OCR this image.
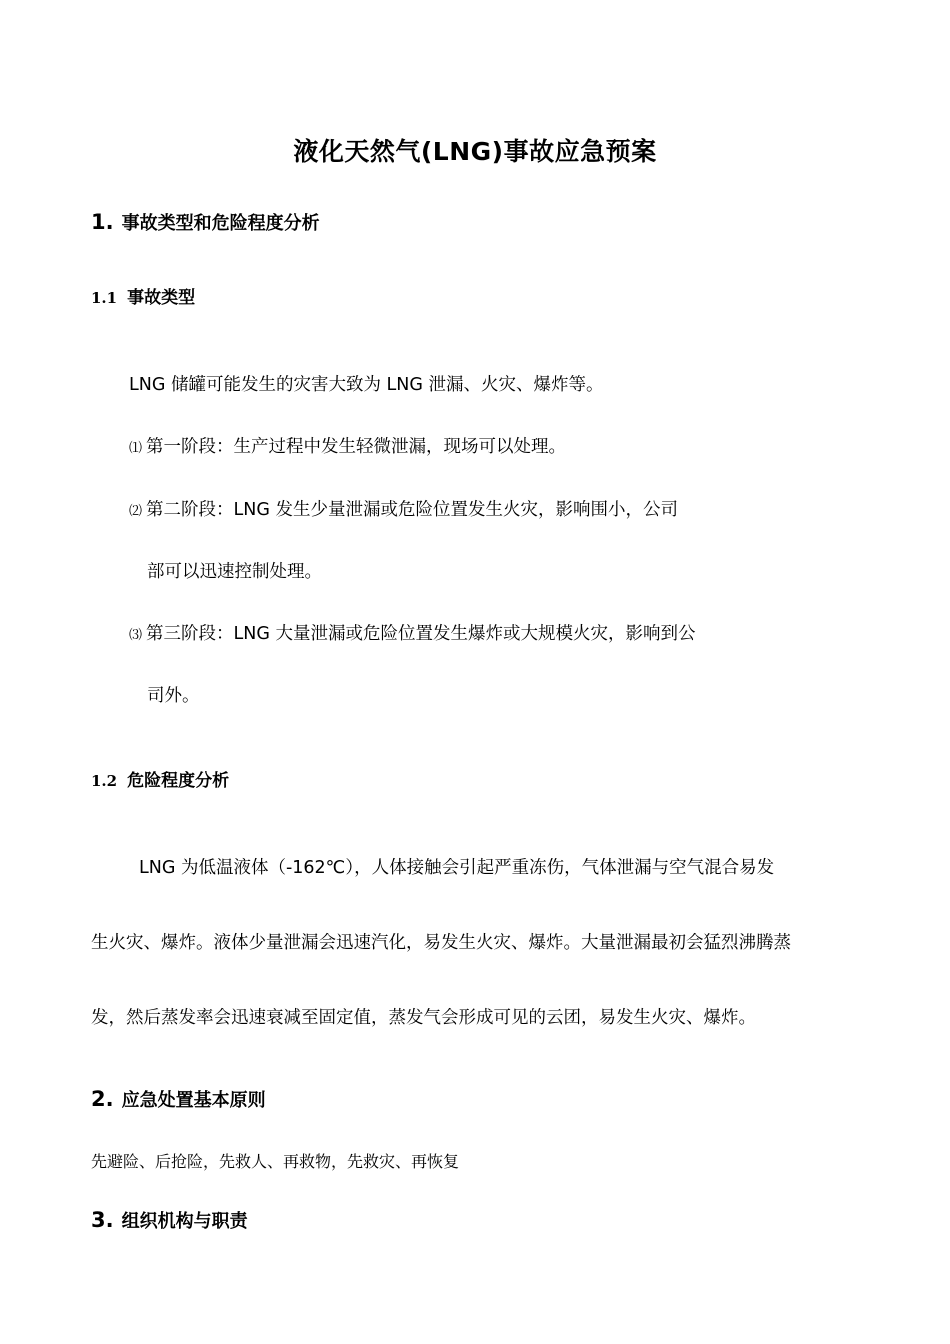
液化天然气(LNG)事故应急预案
1. 事故类型和危险程度分析
1.1 事故类型

LNG 储罐可能发生的灾害大致为 LNG 泄漏、火灾、爆炸等。

⑴ 第一阶段：生产过程中发生轻微泄漏，现场可以处理。

⑵ 第二阶段：LNG 发生少量泄漏或危险位置发生火灾，影响围小，公司

部可以迅速控制处理。

⑶ 第三阶段：LNG 大量泄漏或危险位置发生爆炸或大规模火灾，影响到公

司外。

1.2 危险程度分析

LNG 为低温液体（-162℃），人体接触会引起严重冻伤，气体泄漏与空气混合易发

生火灾、爆炸。液体少量泄漏会迅速汽化，易发生火灾、爆炸。大量泄漏最初会猛烈沸腾蒸

发，然后蒸发率会迅速衰减至固定值，蒸发气会形成可见的云团，易发生火灾、爆炸。

2. 应急处置基本原则

先避险、后抢险，先救人、再救物，先救灾、再恢复

3. 组织机构与职责
